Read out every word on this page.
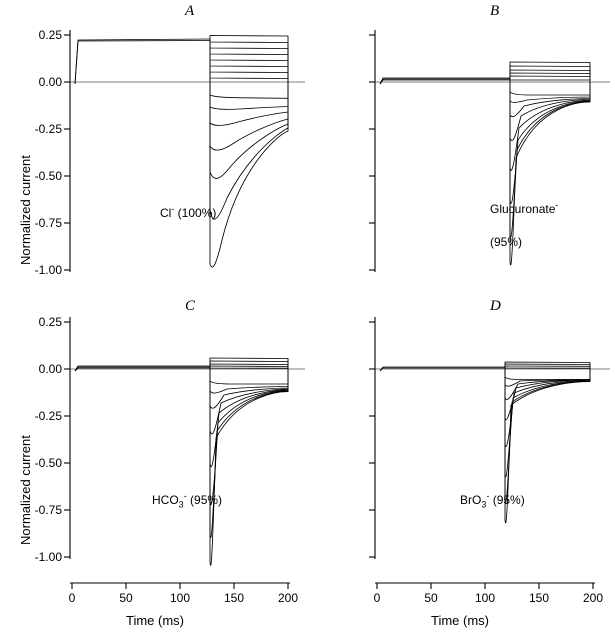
Normalized current
Normalized current
A
0.25
0.00
-0.25
-0.50
-0.75
-1.00
Cl- (100%)
B
Glucuronate-
(95%)
C
0.25
0.00
-0.25
-0.50
-0.75
-1.00
$HCO_3^-$ (95%)
0	50	100	150	200
Time (ms)
D
BrO$_3$- (95%)
0	50	100	150	200
Time (ms)
